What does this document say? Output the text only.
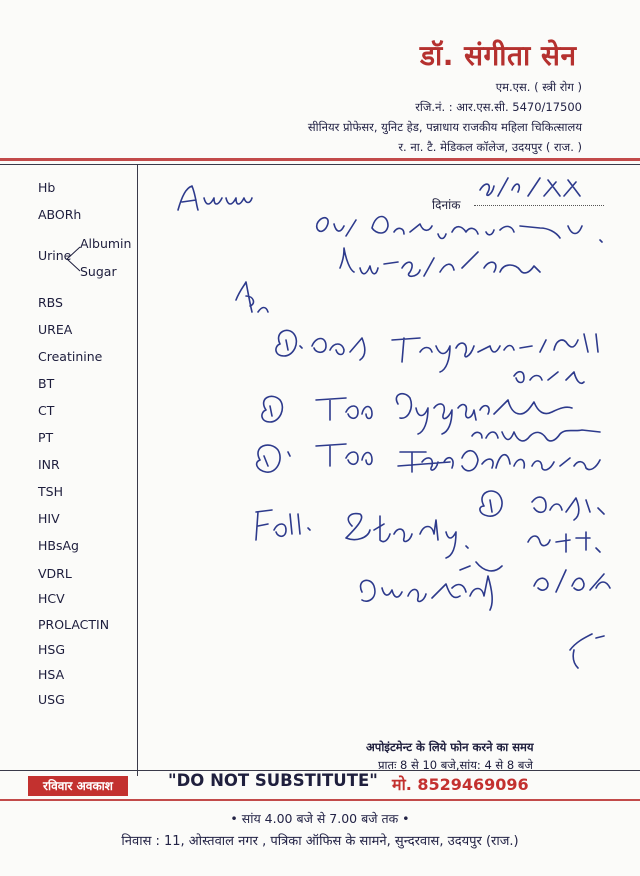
डॉ. संगीता सेन
एम.एस. ( स्त्री रोग )
रजि.नं. : आर.एस.सी. 5470/17500
सीनियर प्रोफेसर, युनिट हेड, पन्नाधाय राजकीय महिला चिकित्सालय
र. ना. टै. मेडिकल कॉलेज, उदयपुर ( राज. )
Hb
ABORh
Urine
Albumin
Sugar
RBS
UREA
Creatinine
BT
CT
PT
INR
TSH
HIV
HBsAg
VDRL
HCV
PROLACTIN
HSG
HSA
USG
दिनांक
अपोइंटमेन्ट के लिये फोन करने का समय
प्रातः 8 से 10 बजे,सांय: 4 से 8 बजे
रविवार अवकाश	"DO NOT SUBSTITUTE" मो. 8529469096
• सांय 4.00 बजे से 7.00 बजे तक •
निवास : 11, ओस्तवाल नगर , पत्रिका ऑफिस के सामने, सुन्दरवास, उदयपुर (राज.)
